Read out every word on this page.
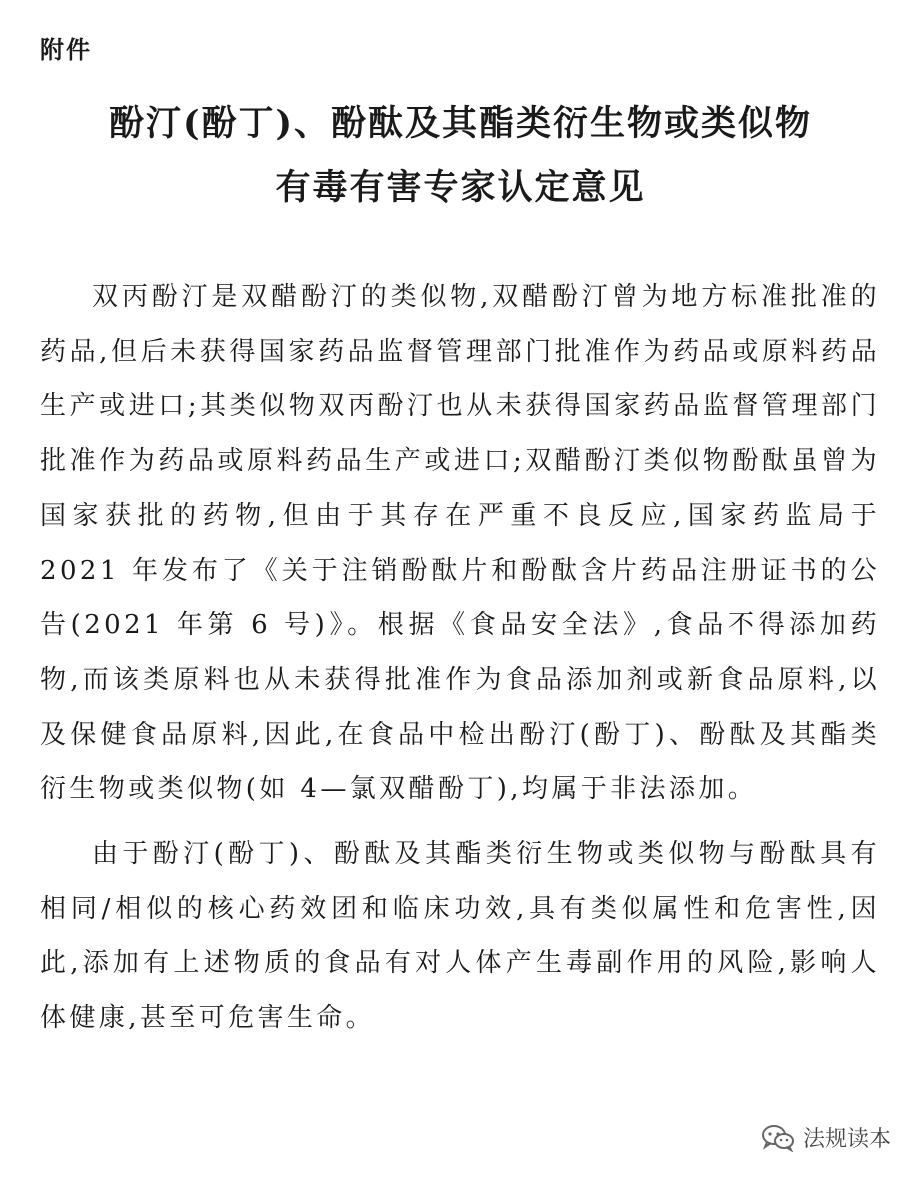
附件
酚汀(酚丁)、酚酞及其酯类衍生物或类似物
有毒有害专家认定意见

双丙酚汀是双醋酚汀的类似物,双醋酚汀曾为地方标准批准的药品,但后未获得国家药品监督管理部门批准作为药品或原料药品生产或进口;其类似物双丙酚汀也从未获得国家药品监督管理部门批准作为药品或原料药品生产或进口;双醋酚汀类似物酚酞虽曾为国家获批的药物,但由于其存在严重不良反应,国家药监局于 2021 年发布了《关于注销酚酞片和酚酞含片药品注册证书的公告(2021 年第 6 号)》。根据《食品安全法》,食品不得添加药物,而该类原料也从未获得批准作为食品添加剂或新食品原料,以及保健食品原料,因此,在食品中检出酚汀(酚丁)、酚酞及其酯类衍生物或类似物(如 4—氯双醋酚丁),均属于非法添加。

由于酚汀(酚丁)、酚酞及其酯类衍生物或类似物与酚酞具有相同/相似的核心药效团和临床功效,具有类似属性和危害性,因此,添加有上述物质的食品有对人体产生毒副作用的风险,影响人体健康,甚至可危害生命。

法规读本
